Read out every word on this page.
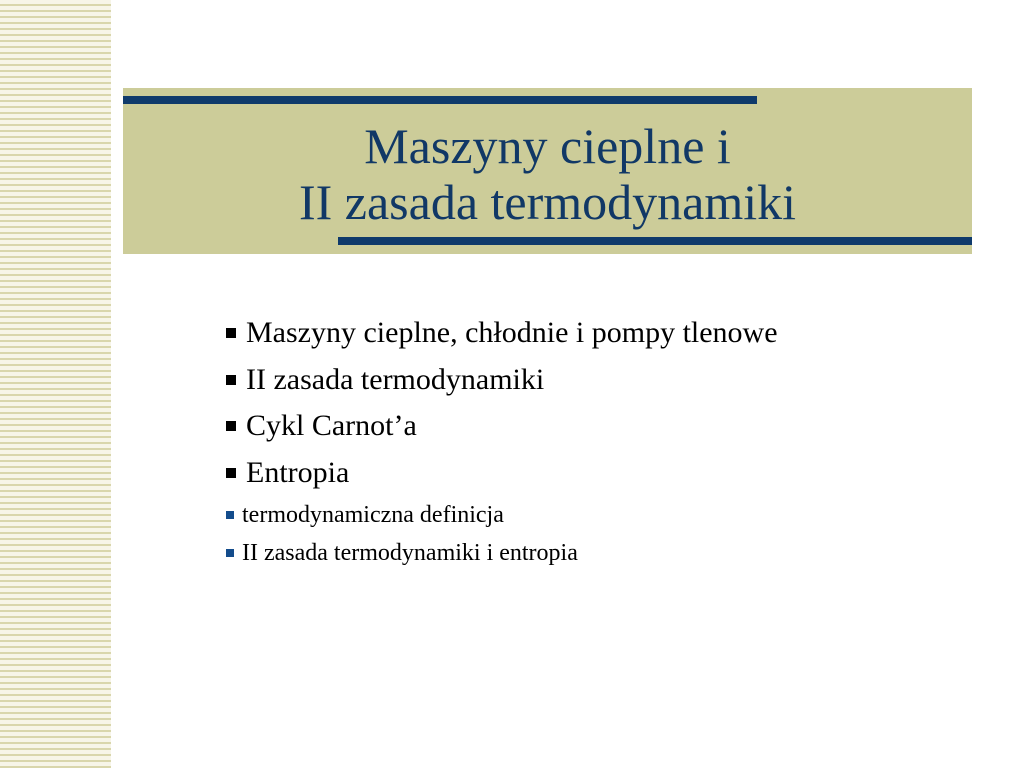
Maszyny cieplne i
II zasada termodynamiki
Maszyny cieplne, chłodnie i pompy tlenowe
II zasada termodynamiki
Cykl Carnot’a
Entropia
termodynamiczna definicja
II zasada termodynamiki i entropia
